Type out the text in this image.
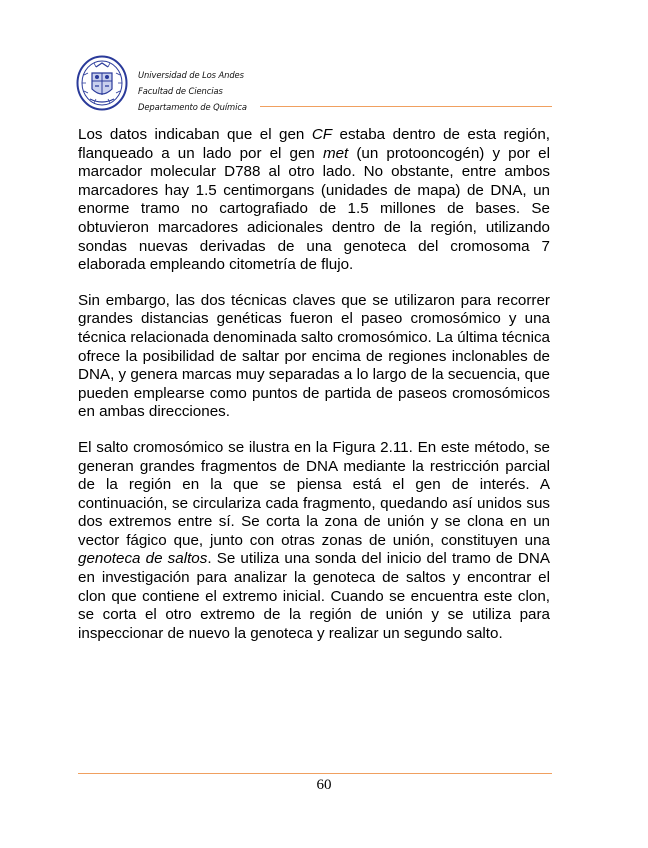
Universidad de Los Andes
Facultad de Ciencias
Departamento de Química

Los datos indicaban que el gen CF estaba dentro de esta región, flanqueado a un lado por el gen met (un protooncogén) y por el marcador molecular D788 al otro lado. No obstante, entre ambos marcadores hay 1.5 centimorgans (unidades de mapa) de DNA, un enorme tramo no cartografiado de 1.5 millones de bases. Se obtuvieron marcadores adicionales dentro de la región, utilizando sondas nuevas derivadas de una genoteca del cromosoma 7 elaborada empleando citometría de flujo.

Sin embargo, las dos técnicas claves que se utilizaron para recorrer grandes distancias genéticas fueron el paseo cromosómico y una técnica relacionada denominada salto cromosómico. La última técnica ofrece la posibilidad de saltar por encima de regiones inclonables de DNA, y genera marcas muy separadas a lo largo de la secuencia, que pueden emplearse como puntos de partida de paseos cromosómicos en ambas direcciones.

El salto cromosómico se ilustra en la Figura 2.11. En este método, se generan grandes fragmentos de DNA mediante la restricción parcial de la región en la que se piensa está el gen de interés. A continuación, se circulariza cada fragmento, quedando así unidos sus dos extremos entre sí. Se corta la zona de unión y se clona en un vector fágico que, junto con otras zonas de unión, constituyen una genoteca de saltos. Se utiliza una sonda del inicio del tramo de DNA en investigación para analizar la genoteca de saltos y encontrar el clon que contiene el extremo inicial. Cuando se encuentra este clon, se corta el otro extremo de la región de unión y se utiliza para inspeccionar de nuevo la genoteca y realizar un segundo salto.

60
